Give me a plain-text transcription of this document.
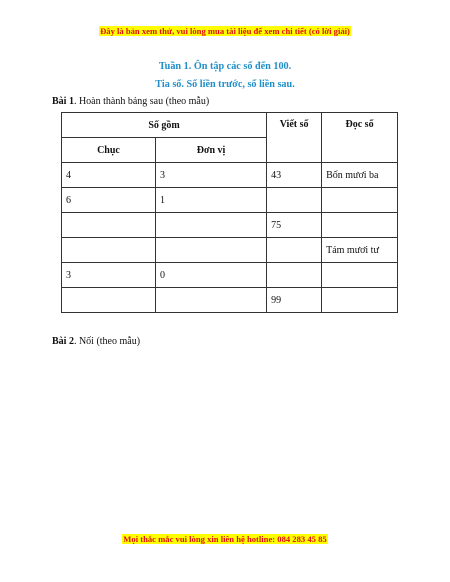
Đây là bản xem thử, vui lòng mua tài liệu để xem chi tiết (có lời giải)
Tuần 1. Ôn tập các số đến 100.
Tia số. Số liền trước, số liền sau.
Bài 1. Hoàn thành bảng sau (theo mẫu)
Số gồm		Viết số	Đọc số
Chục	Đơn vị		
4	3	43	Bốn mươi ba
6	1		
		75	
			Tám mươi tư
3	0		
		99	
Bài 2. Nối (theo mẫu)
Mọi thắc mắc vui lòng xin liên hệ hotline: 084 283 45 85
